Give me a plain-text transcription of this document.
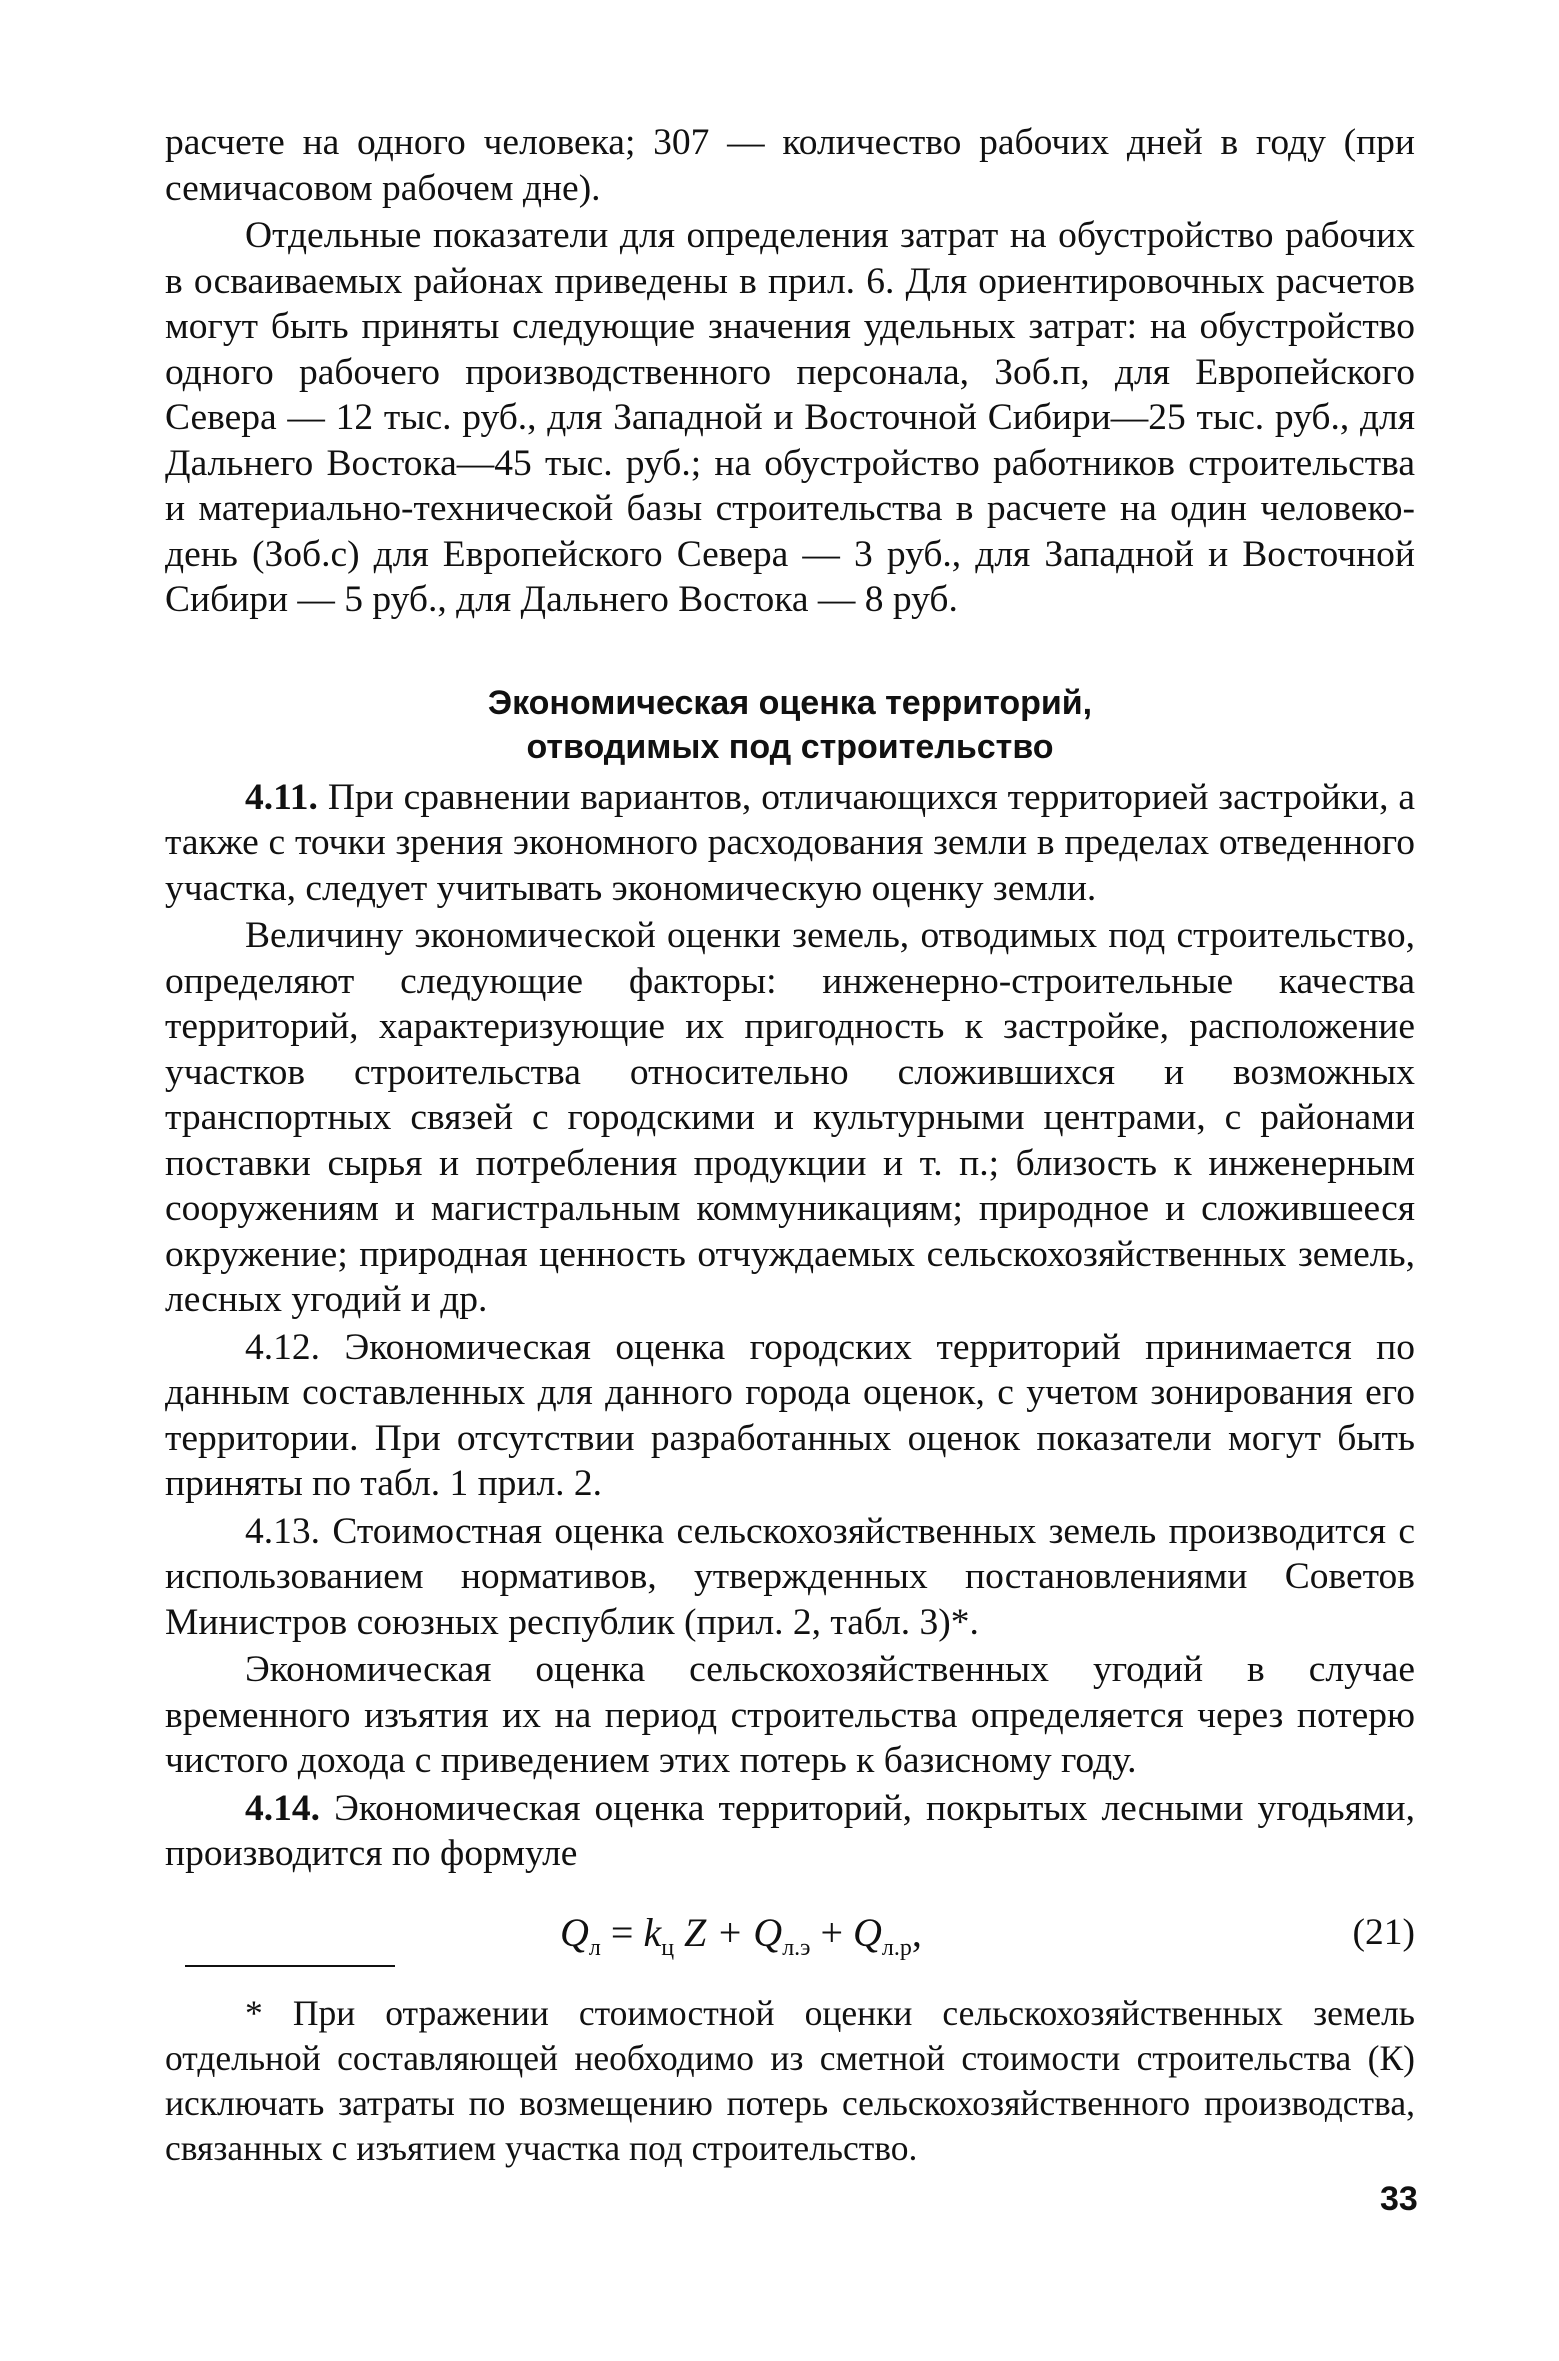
расчете на одного человека; 307 — количество рабочих дней в году (при семичасовом рабочем дне).

Отдельные показатели для определения затрат на обустройство рабочих в осваиваемых районах приведены в прил. 6. Для ориентировочных расчетов могут быть приняты следующие значения удельных затрат: на обустройство одного рабочего производственного персонала, Зоб.п, для Европейского Севера — 12 тыс. руб., для Западной и Восточной Сибири—25 тыс. руб., для Дальнего Востока—45 тыс. руб.; на обустройство работников строительства и материально-технической базы строительства в расчете на один человеко-день (Зоб.с) для Европейского Севера — 3 руб., для Западной и Восточной Сибири — 5 руб., для Дальнего Востока — 8 руб.

Экономическая оценка территорий,
отводимых под строительство

4.11. При сравнении вариантов, отличающихся территорией застройки, а также с точки зрения экономного расходования земли в пределах отведенного участка, следует учитывать экономическую оценку земли.

Величину экономической оценки земель, отводимых под строительство, определяют следующие факторы: инженерно-строительные качества территорий, характеризующие их пригодность к застройке, расположение участков строительства относительно сложившихся и возможных транспортных связей с городскими и культурными центрами, с районами поставки сырья и потребления продукции и т. п.; близость к инженерным сооружениям и магистральным коммуникациям; природное и сложившееся окружение; природная ценность отчуждаемых сельскохозяйственных земель, лесных угодий и др.

4.12. Экономическая оценка городских территорий принимается по данным составленных для данного города оценок, с учетом зонирования его территории. При отсутствии разработанных оценок показатели могут быть приняты по табл. 1 прил. 2.

4.13. Стоимостная оценка сельскохозяйственных земель производится с использованием нормативов, утвержденных постановлениями Советов Министров союзных республик (прил. 2, табл. 3)*.

Экономическая оценка сельскохозяйственных угодий в случае временного изъятия их на период строительства определяется через потерю чистого дохода с приведением этих потерь к базисному году.

4.14. Экономическая оценка территорий, покрытых лесными угодьями, производится по формуле

$Q_л = k_ц$ $Z + Q_{л.э} + Q_{л.р}$,	(21)

* При отражении стоимостной оценки сельскохозяйственных земель отдельной составляющей необходимо из сметной стоимости строительства (К) исключать затраты по возмещению потерь сельскохозяйственного производства, связанных с изъятием участка под строительство.

33
